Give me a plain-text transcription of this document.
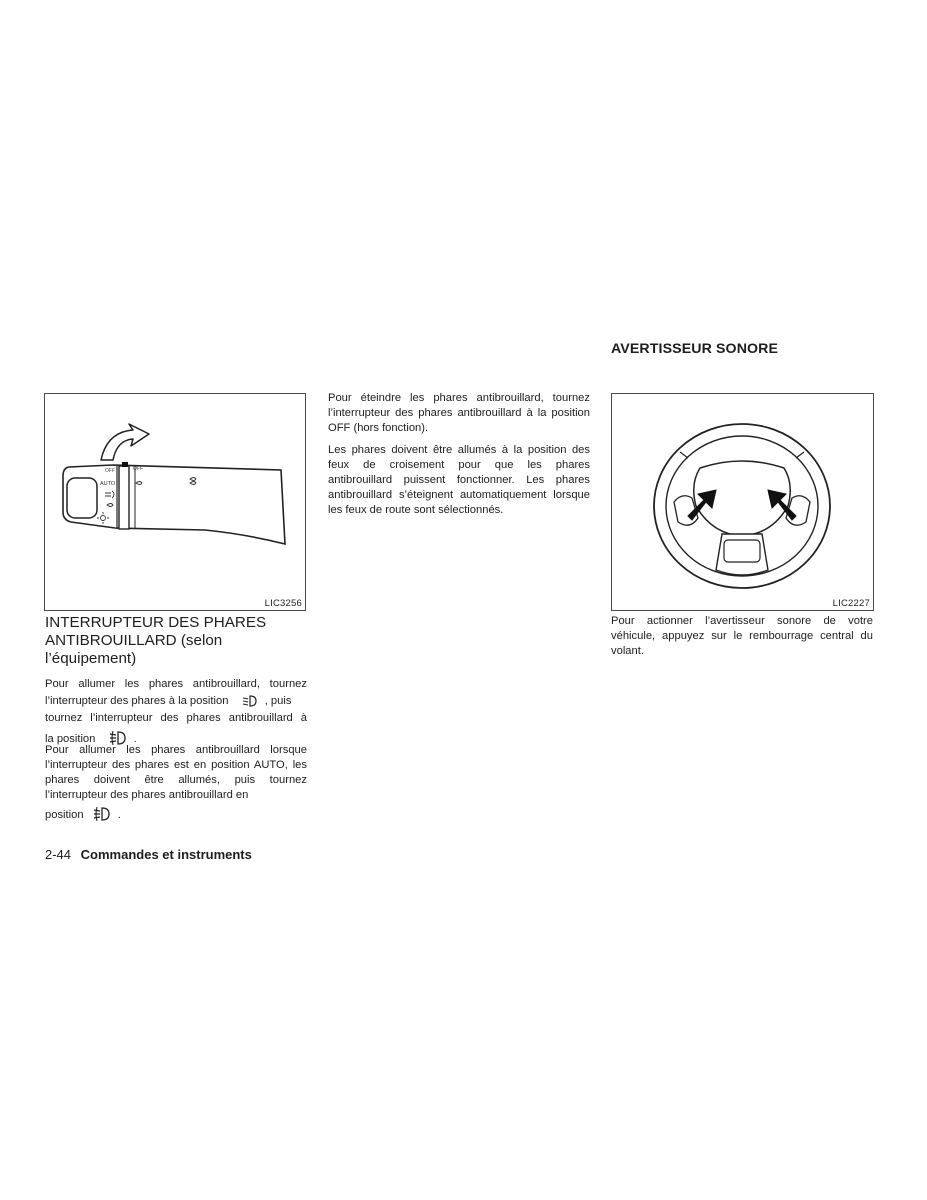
OFF	OFF
AUTO
LIC3256

INTERRUPTEUR DES PHARES

ANTIBROUILLARD (selon

l’équipement)

Pour allumer les phares antibrouillard, tournez

l’interrupteur des phares à la position	, puis

tournez l’interrupteur des phares antibrouillard à

la position	.

Pour allumer les phares antibrouillard lorsque l’interrupteur des phares est en position AUTO, les phares doivent être allumés, puis tournez l’interrupteur des phares antibrouillard en

position	.

Pour éteindre les phares antibrouillard, tournez l’interrupteur des phares antibrouillard à la position OFF (hors fonction).

Les phares doivent être allumés à la position des feux de croisement pour que les phares antibrouillard puissent fonctionner. Les phares antibrouillard s’éteignent automatiquement lorsque les feux de route sont sélectionnés.

AVERTISSEUR SONORE

LIC2227

Pour actionner l’avertisseur sonore de votre véhicule, appuyez sur le rembourrage central du volant.

2-44 Commandes et instruments
